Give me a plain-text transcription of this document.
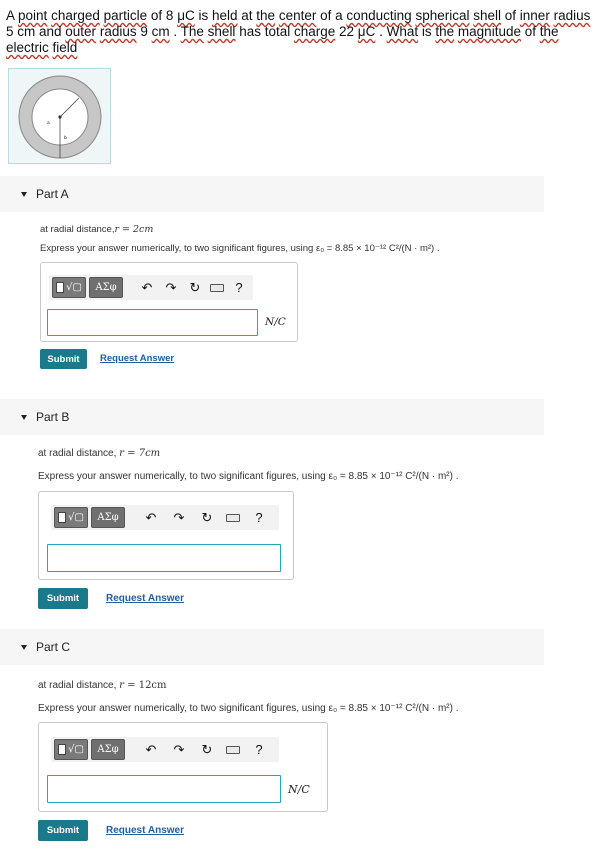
A point charged particle of 8 μC is held at the center of a conducting spherical shell of inner radius 5 cm and outer radius 9 cm . The shell has total charge 22 μC . What is the magnitude of the electric field
a
b
Part A
at radial distance,r = 2cm
Express your answer numerically, to two significant figures, using ε₀ = 8.85 × 10⁻¹² C²/(N · m²) .
√▢	ΑΣφ	↶	↷	↻	?
N/C
Submit	Request Answer
Part B
at radial distance, r = 7cm
Express your answer numerically, to two significant figures, using ε₀ = 8.85 × 10⁻¹² C²/(N · m²) .
√▢	ΑΣφ	↶	↷	↻	?
Submit	Request Answer
Part C
at radial distance, r = 12cm
Express your answer numerically, to two significant figures, using ε₀ = 8.85 × 10⁻¹² C²/(N · m²) .
√▢	ΑΣφ	↶	↷	↻	?
N/C
Submit	Request Answer
